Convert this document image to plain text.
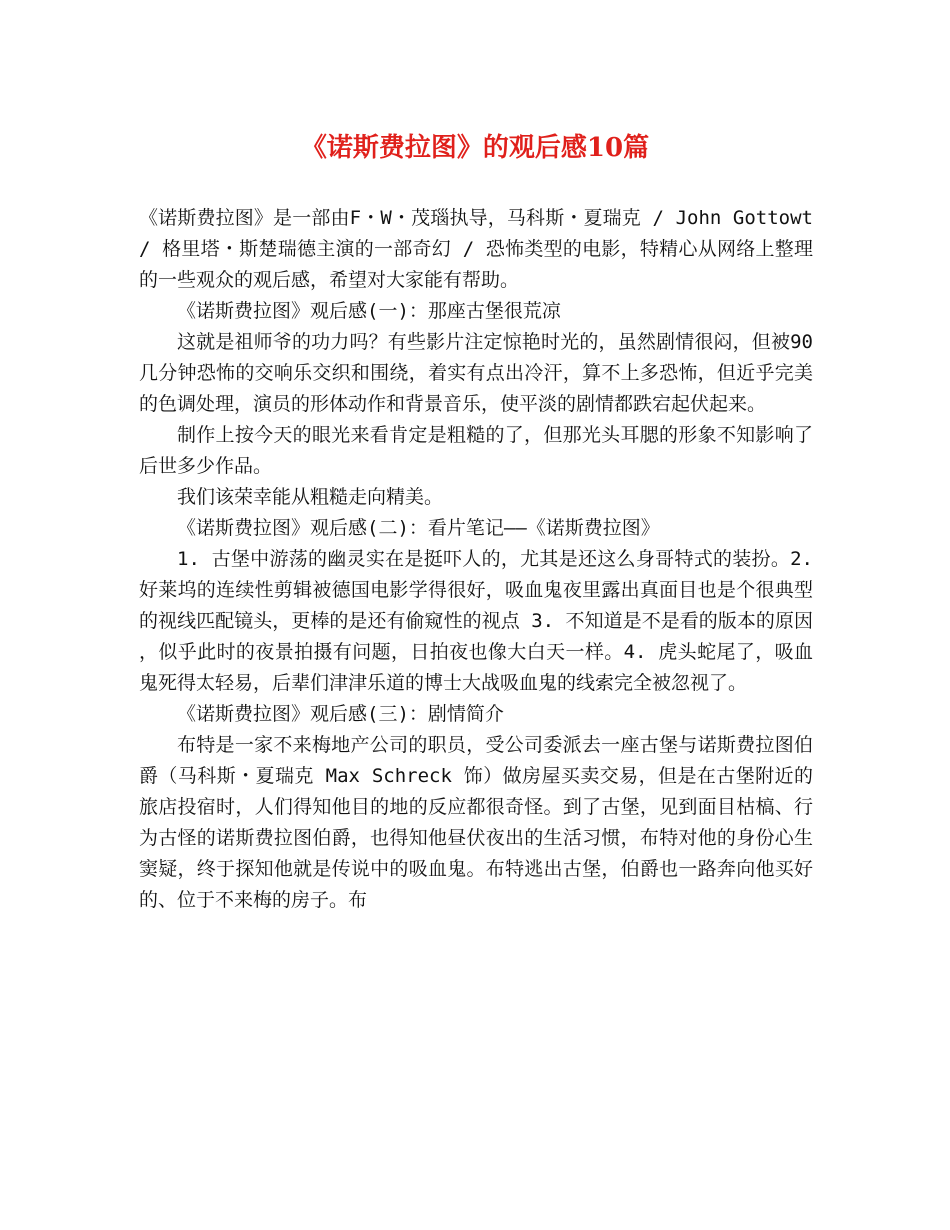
《诺斯费拉图》的观后感10篇

《诺斯费拉图》是一部由F・W・茂瑙执导，马科斯・夏瑞克 / John Gottowt / 格里塔・斯楚瑞德主演的一部奇幻 / 恐怖类型的电影，特精心从网络上整理的一些观众的观后感，希望对大家能有帮助。

《诺斯费拉图》观后感(一)：那座古堡很荒凉

这就是祖师爷的功力吗？有些影片注定惊艳时光的，虽然剧情很闷，但被90几分钟恐怖的交响乐交织和围绕，着实有点出冷汗，算不上多恐怖，但近乎完美的色调处理，演员的形体动作和背景音乐，使平淡的剧情都跌宕起伏起来。

制作上按今天的眼光来看肯定是粗糙的了，但那光头耳腮的形象不知影响了后世多少作品。

我们该荣幸能从粗糙走向精美。

《诺斯费拉图》观后感(二)：看片笔记——《诺斯费拉图》

1. 古堡中游荡的幽灵实在是挺吓人的，尤其是还这么身哥特式的装扮。2. 好莱坞的连续性剪辑被德国电影学得很好，吸血鬼夜里露出真面目也是个很典型的视线匹配镜头，更棒的是还有偷窥性的视点 3. 不知道是不是看的版本的原因，似乎此时的夜景拍摄有问题，日拍夜也像大白天一样。4. 虎头蛇尾了，吸血鬼死得太轻易，后辈们津津乐道的博士大战吸血鬼的线索完全被忽视了。

《诺斯费拉图》观后感(三)：剧情简介

布特是一家不来梅地产公司的职员，受公司委派去一座古堡与诺斯费拉图伯爵（马科斯・夏瑞克 Max Schreck 饰）做房屋买卖交易，但是在古堡附近的旅店投宿时，人们得知他目的地的反应都很奇怪。到了古堡，见到面目枯槁、行为古怪的诺斯费拉图伯爵，也得知他昼伏夜出的生活习惯，布特对他的身份心生窦疑，终于探知他就是传说中的吸血鬼。布特逃出古堡，伯爵也一路奔向他买好的、位于不来梅的房子。布
